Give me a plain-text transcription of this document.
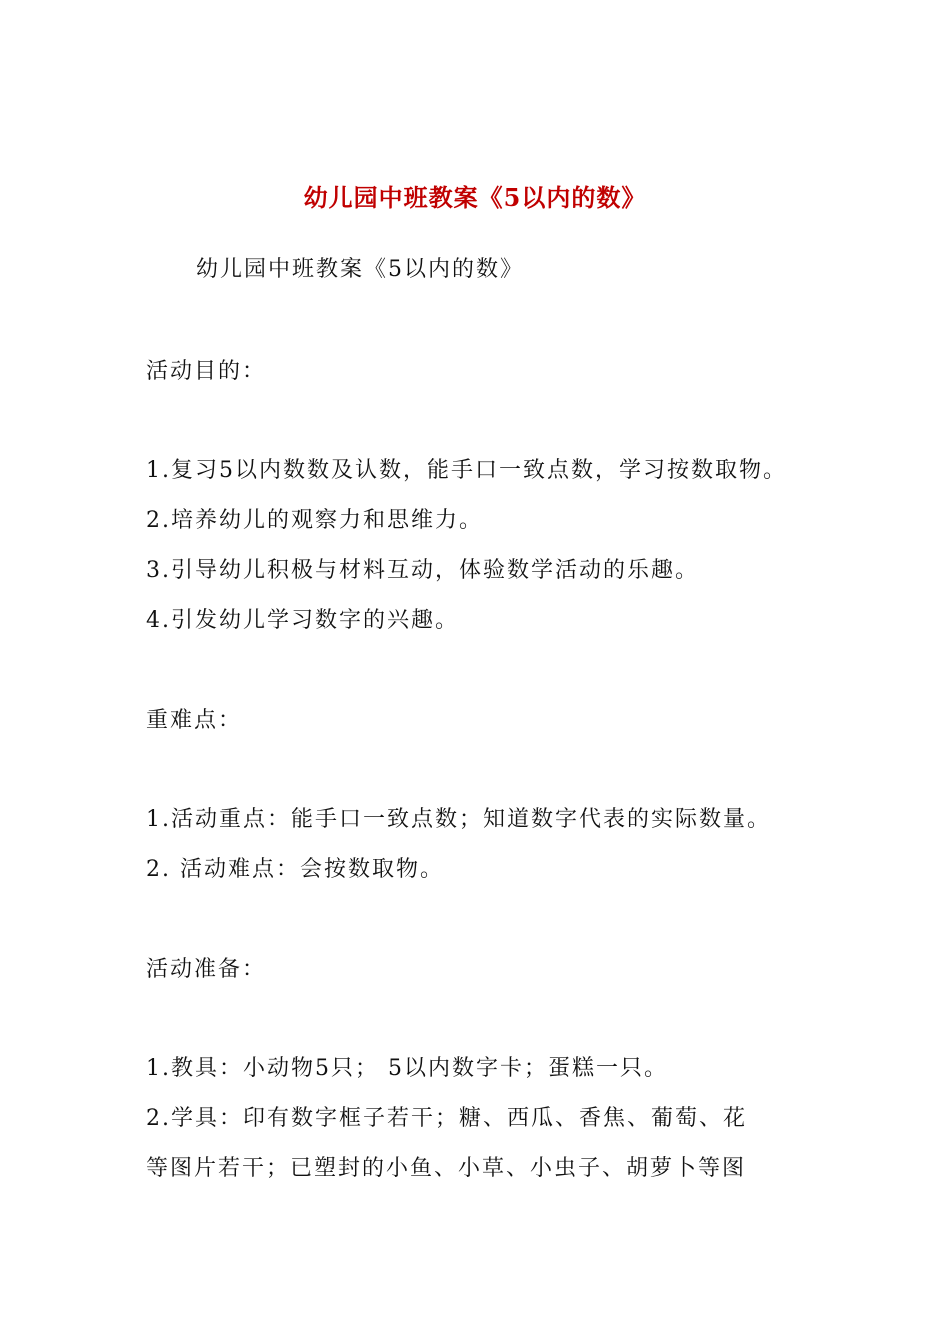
幼儿园中班教案《5以内的数》
幼儿园中班教案《5以内的数》
活动目的：
1.复习5以内数数及认数，能手口一致点数，学习按数取物。
2.培养幼儿的观察力和思维力。
3.引导幼儿积极与材料互动，体验数学活动的乐趣。
4.引发幼儿学习数字的兴趣。
重难点：
1.活动重点：能手口一致点数；知道数字代表的实际数量。
2. 活动难点：会按数取物。
活动准备：
1.教具：小动物5只； 5以内数字卡；蛋糕一只。
2.学具：印有数字框子若干；糖、西瓜、香焦、葡萄、花
等图片若干；已塑封的小鱼、小草、小虫子、胡萝卜等图
